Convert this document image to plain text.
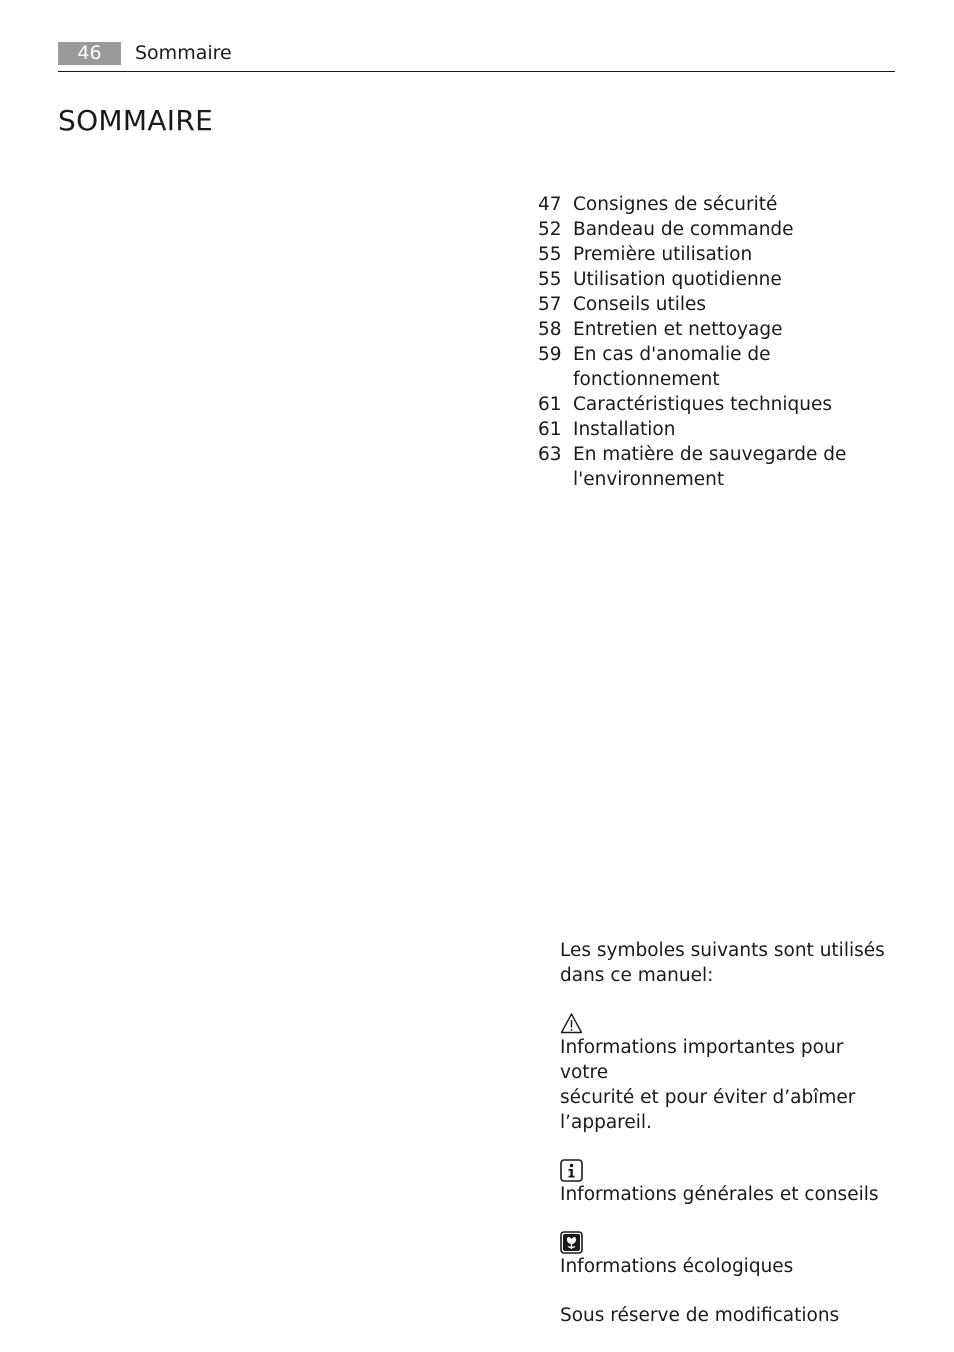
46	Sommaire
SOMMAIRE
47 Consignes de sécurité
52 Bandeau de commande
55 Première utilisation
55 Utilisation quotidienne
57 Conseils utiles
58 Entretien et nettoyage
59 En cas d'anomalie de
fonctionnement
61 Caractéristiques techniques
61 Installation
63 En matière de sauvegarde de
l'environnement

Les symboles suivants sont utilisés
dans ce manuel:

Informations importantes pour votre
sécurité et pour éviter d’abîmer
l’appareil.

Informations générales et conseils

Informations écologiques

Sous réserve de modifications
